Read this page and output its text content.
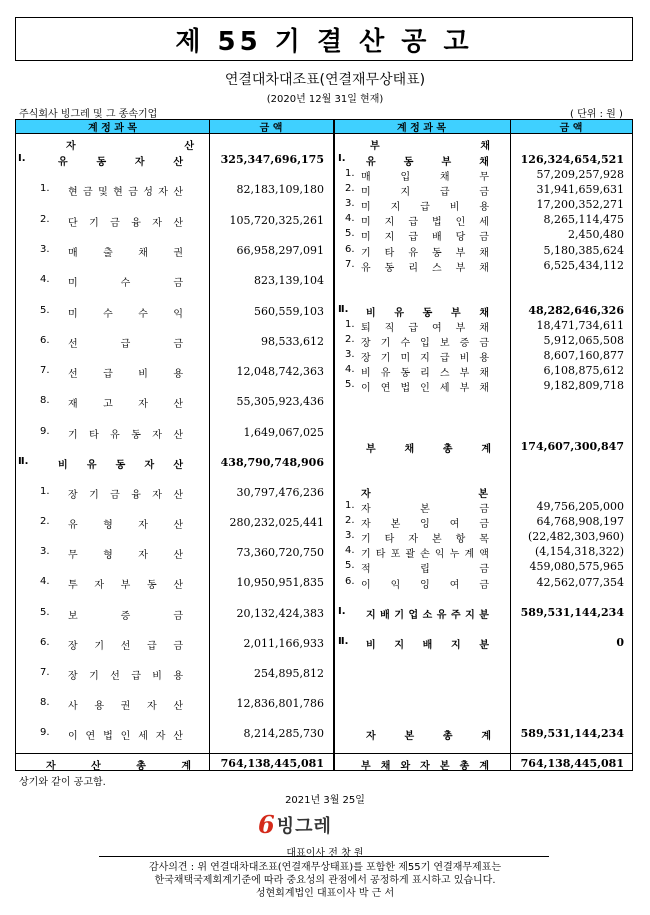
제 55 기 결 산 공 고
연결대차대조표(연결재무상태표)
(2020년 12월 31일 현재)
주식회사 빙그레 및 그 종속기업	( 단위 : 원 )
계 정 과 목	금 액	계 정 과 목	금 액
자	산	부	채
자	본
Ⅰ.	유	동	자	산	325,347,696,175
1. 현 금 및 현 금 성 자 산	82,183,109,180
2. 단 기 금 융 자 산	105,720,325,261
3. 매	출	채	권	66,958,297,091
4. 미	수	금	823,139,104
5. 미	수	수	익	560,559,103
6. 선	급	금	98,533,612
7. 선	급	비	용	12,048,742,363
8. 재	고	자	산	55,305,923,436
9. 기 타 유 동 자 산	1,649,067,025
Ⅱ.	비 유 동 자 산	438,790,748,906
1. 장 기 금 융 자 산	30,797,476,236
2. 유	형	자	산	280,232,025,441
3. 무	형	자	산	73,360,720,750
4. 투 자 부 동 산	10,950,951,835
5. 보	증	금	20,132,424,383
6. 장 기 선 급 금	2,011,166,933
7. 장 기 선 급 비 용	254,895,812
8. 사 용 권 자 산	12,836,801,786
9. 이 연 법 인 세 자 산	8,214,285,730
Ⅰ. 유	동	부	채	126,324,654,521
1. 매	입	채	무	57,209,257,928
2. 미	지	급	금	31,941,659,631
3. 미 지 급 비 용	17,200,352,271
4. 미 지 급 법 인 세	8,265,114,475
5. 미 지 급 배 당 금	2,450,480
6. 기 타 유 동 부 채	5,180,385,624
7. 유 동 리 스 부 채	6,525,434,112
Ⅱ. 비 유 동 부 채	48,282,646,326
1. 퇴 직 급 여 부 채	18,471,734,611
2. 장 기 수 입 보 증 금	5,912,065,508
3. 장 기 미 지 급 비 용	8,607,160,877
4. 비 유 동 리 스 부 채	6,108,875,612
5. 이 연 법 인 세 부 채	9,182,809,718
부	채	총	계	174,607,300,847
1. 자	본	금	49,756,205,000
2. 자 본 잉 여 금	64,768,908,197
3. 기 타 자 본 항 목	(22,482,303,960)
4. 기 타 포 괄 손 익 누 계 액	(4,154,318,322)
5. 적	립	금	459,080,575,965
6. 이 익 잉 여 금	42,562,077,354
Ⅰ. 지 배 기 업 소 유 주 지 분	589,531,144,234
Ⅱ. 비 지 배 지 분	0
자	본	총	계	589,531,144,234
자	산	총	계	764,138,445,081	부 채 와 자 본 총 계	764,138,445,081
상기와 같이 공고함.
2021년 3월 25일
6 빙그레
대표이사 전 창 원
감사의견 : 위 연결대차대조표(연결재무상태표)를 포함한 제55기 연결재무제표는
한국채택국제회계기준에 따라 중요성의 관점에서 공정하게 표시하고 있습니다.
성현회계법인 대표이사 박 근 서
